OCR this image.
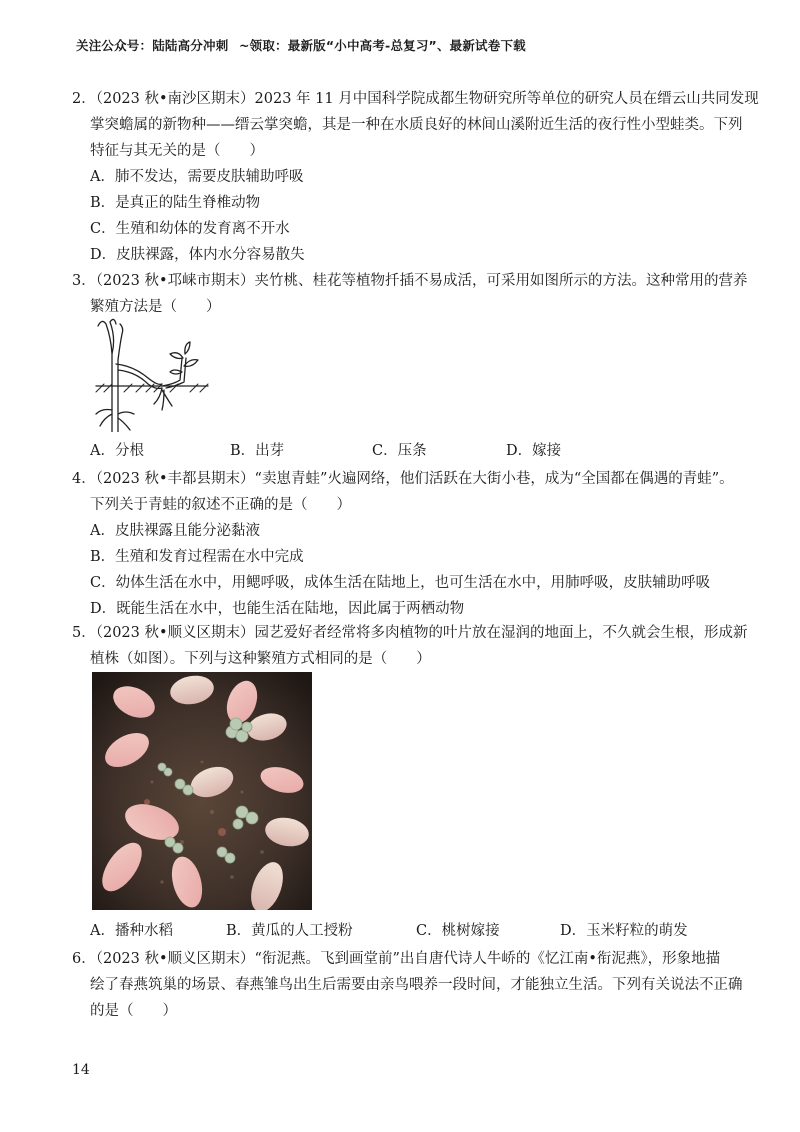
关注公众号：陆陆高分冲刺 ~领取：最新版“小中高考-总复习”、最新试卷下载
2．（2023 秋•南沙区期末）2023 年 11 月中国科学院成都生物研究所等单位的研究人员在缙云山共同发现
掌突蟾属的新物种——缙云掌突蟾，其是一种在水质良好的林间山溪附近生活的夜行性小型蛙类。下列
特征与其无关的是（　　）
A．肺不发达，需要皮肤辅助呼吸
B．是真正的陆生脊椎动物
C．生殖和幼体的发育离不开水
D．皮肤裸露，体内水分容易散失
3．（2023 秋•邛崃市期末）夹竹桃、桂花等植物扦插不易成活，可采用如图所示的方法。这种常用的营养
繁殖方法是（　　）
A．分根	B．出芽	C．压条	D．嫁接
4．（2023 秋•丰都县期末）“卖崽青蛙”火遍网络，他们活跃在大街小巷，成为“全国都在偶遇的青蛙”。
下列关于青蛙的叙述不正确的是（　　）
A．皮肤裸露且能分泌黏液
B．生殖和发育过程需在水中完成
C．幼体生活在水中，用鳃呼吸，成体生活在陆地上，也可生活在水中，用肺呼吸，皮肤辅助呼吸
D．既能生活在水中，也能生活在陆地，因此属于两栖动物
5．（2023 秋•顺义区期末）园艺爱好者经常将多肉植物的叶片放在湿润的地面上，不久就会生根，形成新
植株（如图）。下列与这种繁殖方式相同的是（　　）
A．播种水稻	B．黄瓜的人工授粉	C．桃树嫁接	D．玉米籽粒的萌发
6．（2023 秋•顺义区期末）“衔泥燕。飞到画堂前”出自唐代诗人牛峤的《忆江南•衔泥燕》，形象地描
绘了春燕筑巢的场景、春燕雏鸟出生后需要由亲鸟喂养一段时间，才能独立生活。下列有关说法不正确
的是（　　）
14
